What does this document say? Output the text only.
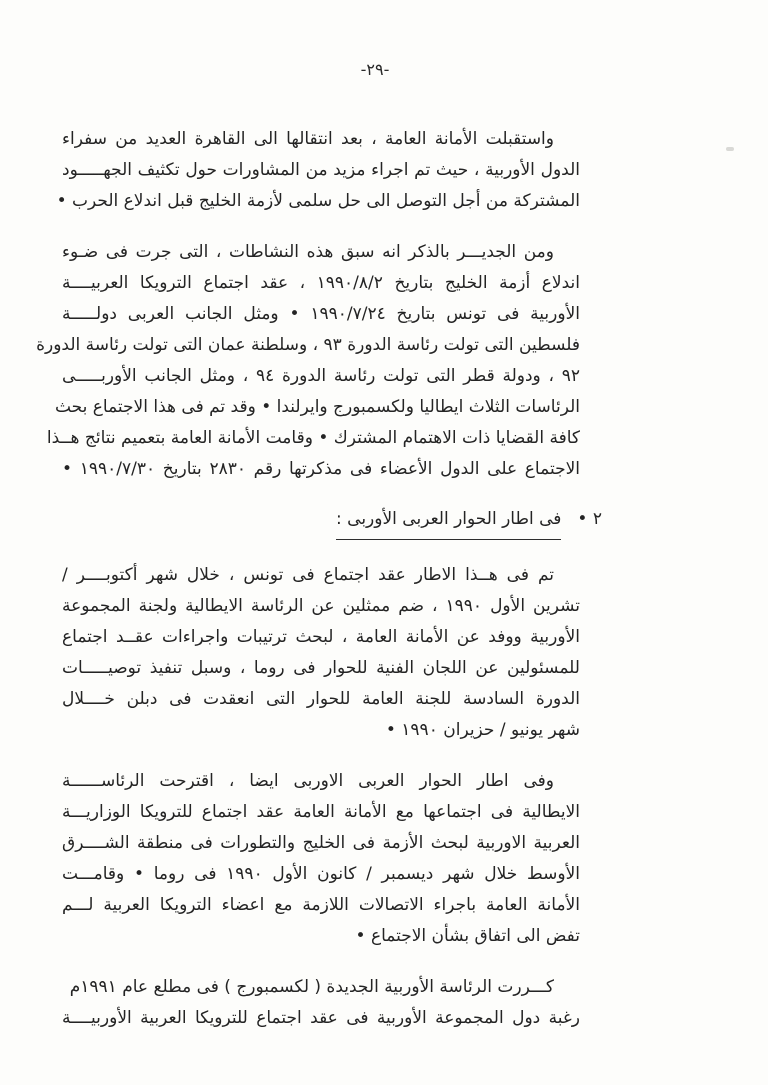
-٢٩-

واستقبلت الأمانة العامة ، بعد انتقالها الى القاهرة العديد من سفراء
الدول الأوربية ، حيث تم اجراء مزيد من المشاورات حول تكثيف الجهـــــود
المشتركة من أجل التوصل الى حل سلمى لأزمة الخليج قبل اندلاع الحرب •

ومن الجديـــر بالذكر انه سبق هذه النشاطات ، التى جرت فى ضـوء
اندلاع أزمة الخليج بتاريخ ١٩٩٠/٨/٢ ، عقد اجتماع الترويكا العربيــــة
الأوربية فى تونس بتاريخ ١٩٩٠/٧/٢٤ • ومثل الجانب العربى دولـــــة
فلسطين التى تولت رئاسة الدورة ٩٣ ، وسلطنة عمان التى تولت رئاسة الدورة
٩٢ ، ودولة قطر التى تولت رئاسة الدورة ٩٤ ، ومثل الجانب الأوربـــــى
الرئاسات الثلاث ايطاليا ولكسمبورج وايرلندا • وقد تم فى هذا الاجتماع بحث
كافة القضايا ذات الاهتمام المشترك • وقامت الأمانة العامة بتعميم نتائج هــذا
الاجتماع على الدول الأعضاء فى مذكرتها رقم ٢٨٣٠ بتاريخ ١٩٩٠/٧/٣٠ •

٢ •
فى اطار الحوار العربى الأوربى :

تم فى هــذا الاطار عقد اجتماع فى تونس ، خلال شهر أكتوبــــر /
تشرين الأول ١٩٩٠ ، ضم ممثلين عن الرئاسة الايطالية ولجنة المجموعة
الأوربية ووفد عن الأمانة العامة ، لبحث ترتيبات واجراءات عقــد اجتماع
للمسئولين عن اللجان الفنية للحوار فى روما ، وسبل تنفيذ توصيـــــات
الدورة السادسة للجنة العامة للحوار التى انعقدت فى دبلن خــــلال
شهر يونيو / حزيران ١٩٩٠ •

وفى اطار الحوار العربى الاوربى ايضا ، اقترحت الرئاســــــة
الايطالية فى اجتماعها مع الأمانة العامة عقد اجتماع للترويكا الوزاريـــة
العربية الاوربية لبحث الأزمة فى الخليج والتطورات فى منطقة الشــــرق
الأوسط خلال شهر ديسمبر / كانون الأول ١٩٩٠ فى روما • وقامـــت
الأمانة العامة باجراء الاتصالات اللازمة مع اعضاء الترويكا العربية لـــم
تفض الى اتفاق بشأن الاجتماع •

كـــررت الرئاسة الأوربية الجديدة ( لكسمبورج ) فى مطلع عام ١٩٩١م
رغبة دول المجموعة الأوربية فى عقد اجتماع للترويكا العربية الأوربيــــة
